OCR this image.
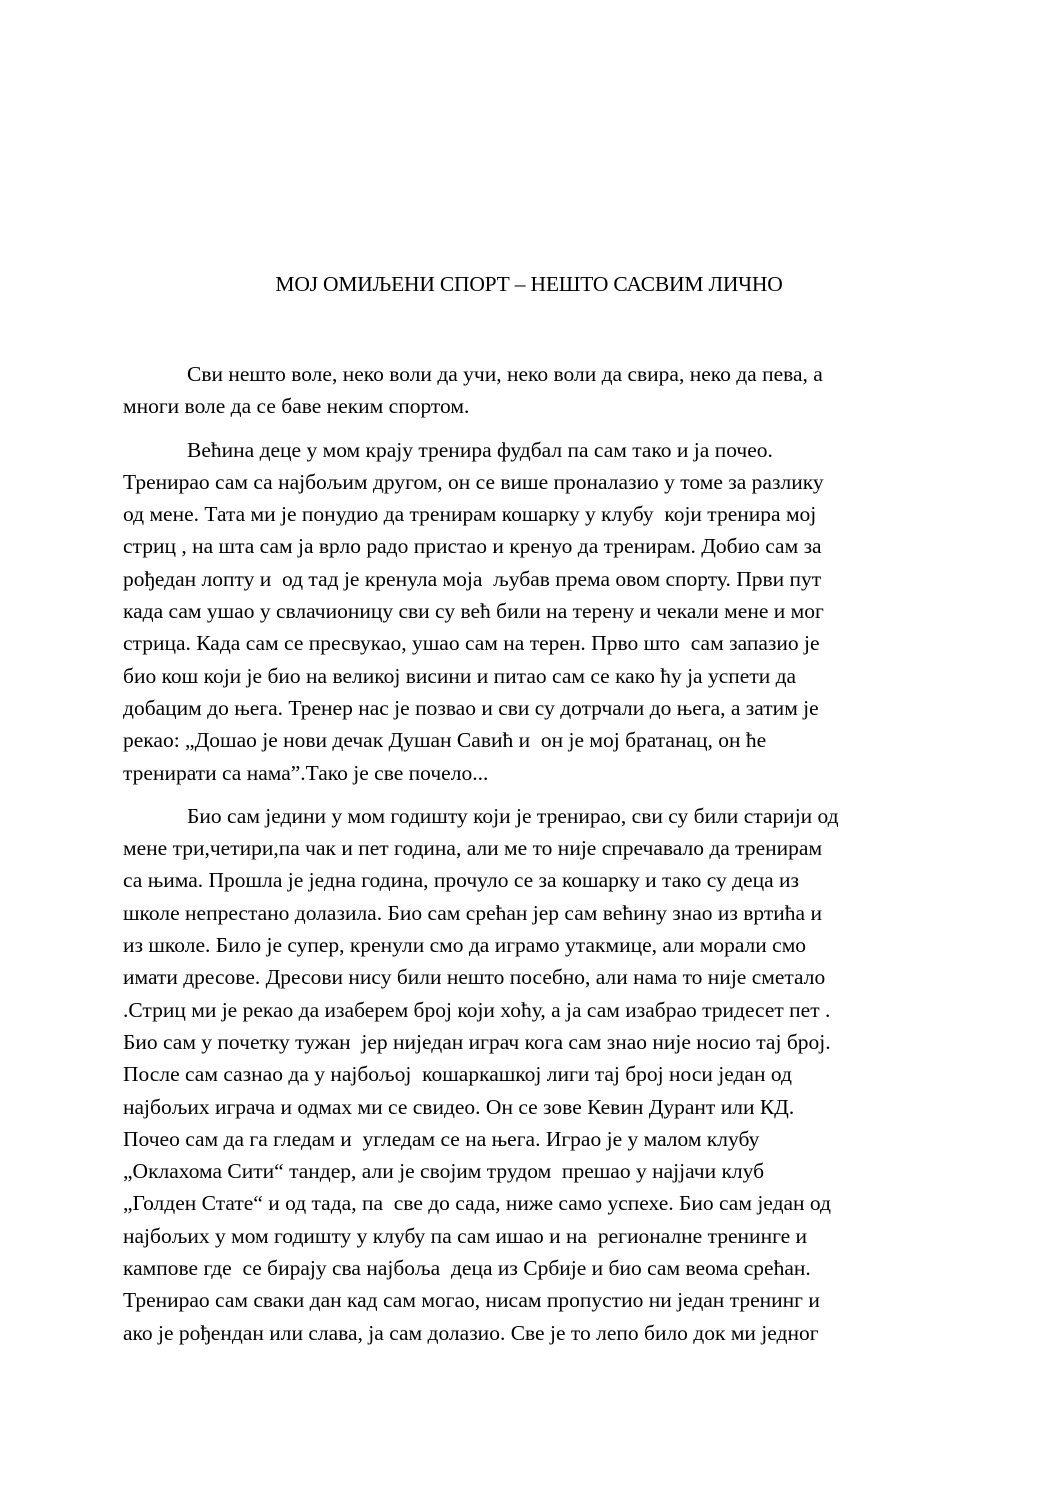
МОЈ ОМИЉЕНИ СПОРТ – НЕШТО САСВИМ ЛИЧНО
Сви нешто воле, неко воли да учи, неко воли да свира, неко да пева, а
многи воле да се баве неким спортом.
Већина деце у мом крају тренира фудбал па сам тако и ја почео.
Тренирао сам са најбољим другом, он се више проналазио у томе за разлику
од мене. Тата ми је понудио да тренирам кошарку у клубу  који тренира мој
стриц , на шта сам ја врло радо пристао и кренуо да тренирам. Добио сам за
рођедан лопту и  од тад је кренула моја  љубав према овом спорту. Први пут
када сам ушао у свлачионицу сви су већ били на терену и чекали мене и мог
стрица. Када сам се пресвукао, ушао сам на терен. Прво што  сам запазио је
био кош који је био на великој висини и питао сам се како ћу ја успети да
добацим до њега. Тренер нас је позвао и сви су дотрчали до њега, а затим је
рекао: „Дошао је нови дечак Душан Савић и  он је мој братанац, он ће
тренирати са нама”.Тако је све почело...
Био сам једини у мом годишту који је тренирао, сви су били старији од
мене три,четири,па чак и пет година, али ме то није спречавало да тренирам
са њима. Прошла је једна година, прочуло се за кошарку и тако су деца из
школе непрестано долазила. Био сам срећан јер сам већину знао из вртића и
из школе. Било је супер, кренули смо да играмо утакмице, али морали смо
имати дресове. Дресови нису били нешто посебно, али нама то није сметало
.Стриц ми је рекао да изаберем број који хоћу, а ја сам изабрао тридесет пет .
Био сам у почетку тужан  јер ниједан играч кога сам знао није носио тај број.
После сам сазнао да у најбољој  кошаркашкој лиги тај број носи један од
најбољих играча и одмах ми се свидео. Он се зове Кевин Дурант или КД.
Почео сам да га гледам и  угледам се на њега. Играо је у малом клубу
„Оклахома Сити“ тандер, али је својим трудом  прешао у најјачи клуб
„Голден Стате“ и од тада, па  све до сада, ниже само успехе. Био сам један од
најбољих у мом годишту у клубу па сам ишао и на  регионалне тренинге и
кампове где  се бирају сва најбоља  деца из Србије и био сам веома срећан.
Тренирао сам сваки дан кад сам могао, нисам пропустио ни један тренинг и
ако је рођендан или слава, ја сам долазио. Све је то лепо било док ми једног
